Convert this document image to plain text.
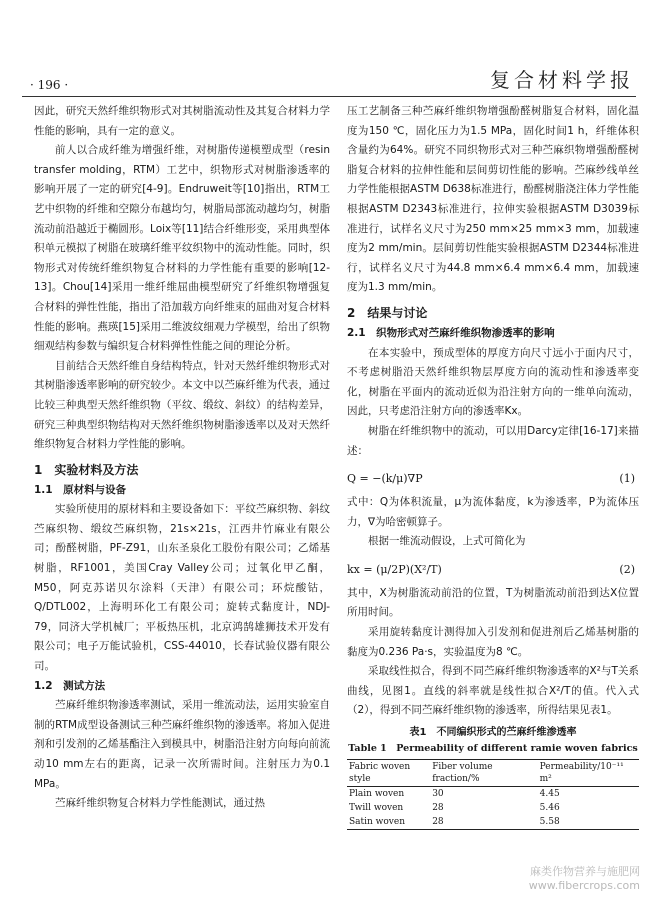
· 196 ·	复合材料学报

因此，研究天然纤维织物形式对其树脂流动性及其复合材料力学性能的影响，具有一定的意义。

前人以合成纤维为增强纤维，对树脂传递模塑成型（resin transfer molding，RTM）工艺中，织物形式对树脂渗透率的影响开展了一定的研究[4-9]。Endruweit等[10]指出，RTM工艺中织物的纤维和空隙分布越均匀，树脂局部流动越均匀，树脂流动前沿越近于椭圆形。Loix等[11]结合纤维形变，采用典型体积单元模拟了树脂在玻璃纤维平纹织物中的流动性能。同时，织物形式对传统纤维织物复合材料的力学性能有重要的影响[12-13]。Chou[14]采用一维纤维屈曲模型研究了纤维织物增强复合材料的弹性性能，指出了沿加载方向纤维束的屈曲对复合材料性能的影响。燕瑛[15]采用二维波纹细观力学模型，给出了织物细观结构参数与编织复合材料弹性性能之间的理论分析。

目前结合天然纤维自身结构特点，针对天然纤维织物形式对其树脂渗透率影响的研究较少。本文中以苎麻纤维为代表，通过比较三种典型天然纤维织物（平纹、缎纹、斜纹）的结构差异，研究三种典型织物结构对天然纤维织物树脂渗透率以及对天然纤维织物复合材料力学性能的影响。

1　实验材料及方法
1.1　原材料与设备

实验所使用的原材料和主要设备如下：平纹苎麻织物、斜纹苎麻织物、缎纹苎麻织物，21s×21s，江西井竹麻业有限公司；酚醛树脂，PF-Z91，山东圣泉化工股份有限公司；乙烯基树脂，RF1001，美国Cray Valley公司；过氧化甲乙酮，M50，阿克苏诺贝尔涂料（天津）有限公司；环烷酸钴，Q/DTL002，上海明环化工有限公司；旋转式黏度计，NDJ-79，同济大学机械厂；平板热压机，北京鸿鹄雄狮技术开发有限公司；电子万能试验机，CSS-44010，长春试验仪器有限公司。

1.2　测试方法

苎麻纤维织物渗透率测试，采用一维流动法，运用实验室自制的RTM成型设备测试三种苎麻纤维织物的渗透率。将加入促进剂和引发剂的乙烯基酯注入到模具中，树脂沿注射方向每向前流动10 mm左右的距离，记录一次所需时间。注射压力为0.1 MPa。

苎麻纤维织物复合材料力学性能测试，通过热

压工艺制备三种苎麻纤维织物增强酚醛树脂复合材料，固化温度为150 ℃，固化压力为1.5 MPa，固化时间1 h，纤维体积含量约为64%。研究不同织物形式对三种苎麻织物增强酚醛树脂复合材料的拉伸性能和层间剪切性能的影响。苎麻纱线单丝力学性能根据ASTM D638标准进行，酚醛树脂浇注体力学性能根据ASTM D2343标准进行，拉伸实验根据ASTM D3039标准进行，试样名义尺寸为250 mm×25 mm×3 mm，加载速度为2 mm/min。层间剪切性能实验根据ASTM D2344标准进行，试样名义尺寸为44.8 mm×6.4 mm×6.4 mm，加载速度为1.3 mm/min。

2　结果与讨论
2.1　织物形式对苎麻纤维织物渗透率的影响

在本实验中，预成型体的厚度方向尺寸远小于面内尺寸，不考虑树脂沿天然纤维织物层厚度方向的流动性和渗透率变化，树脂在平面内的流动近似为沿注射方向的一维单向流动，因此，只考虑沿注射方向的渗透率Kx。

树脂在纤维织物中的流动，可以用Darcy定律[16-17]来描述：

Q = −(k/μ)∇P	(1)

式中：Q为体积流量，μ为流体黏度，k为渗透率，P为流体压力，∇为哈密顿算子。

根据一维流动假设，上式可简化为

kx = (μ/2P)(X²/T)	(2)

其中，X为树脂流动前沿的位置，T为树脂流动前沿到达X位置所用时间。

采用旋转黏度计测得加入引发剂和促进剂后乙烯基树脂的黏度为0.236 Pa·s，实验温度为8 ℃。

采取线性拟合，得到不同苎麻纤维织物渗透率的X²与T关系曲线，见图1。直线的斜率就是线性拟合X²/T的值。代入式（2），得到不同苎麻纤维织物的渗透率，所得结果见表1。

表1　不同编织形式的苎麻纤维渗透率
Table 1　Permeability of different ramie woven fabrics
Fabric woven style	Fiber volume fraction/%	Permeability/10⁻¹¹ m²
Plain woven	30	4.45
Twill woven	28	5.46
Satin woven	28	5.58
麻类作物营养与施肥网
www.fibercrops.com
